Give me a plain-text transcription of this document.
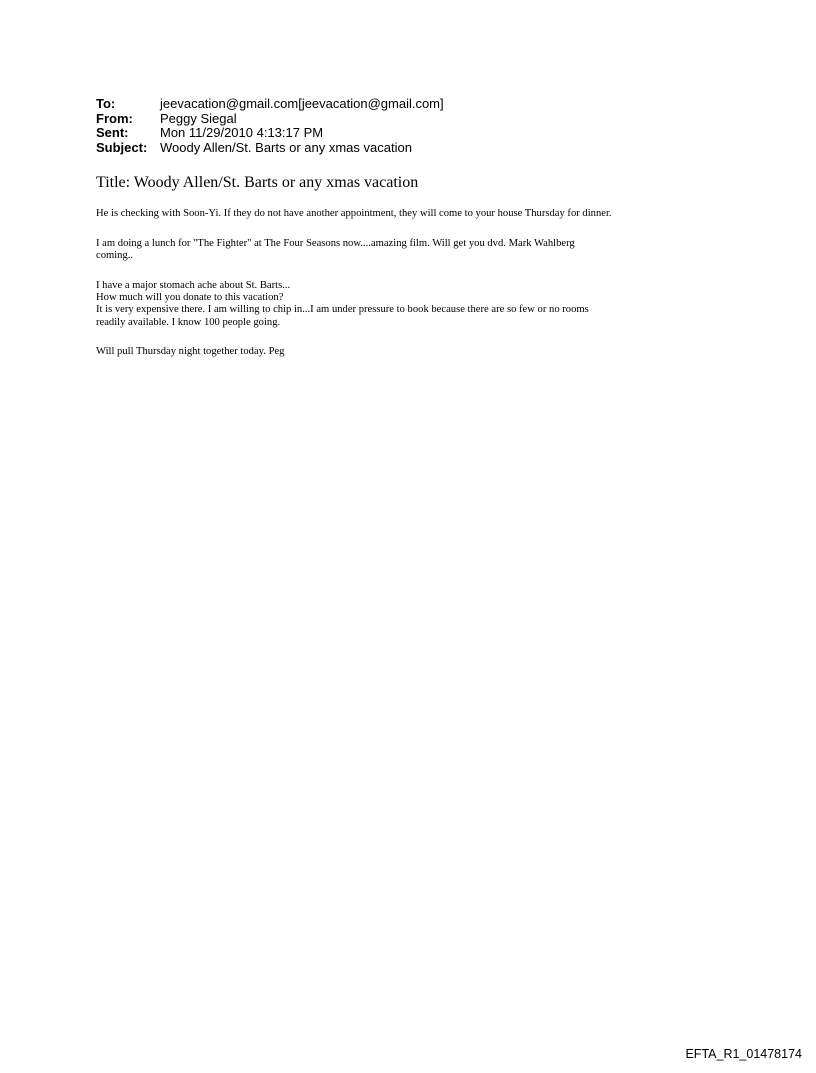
To:	jeevacation@gmail.com[jeevacation@gmail.com]
From:	Peggy Siegal
Sent:	Mon 11/29/2010 4:13:17 PM
Subject: Woody Allen/St. Barts or any xmas vacation
Title: Woody Allen/St. Barts or any xmas vacation
He is checking with Soon-Yi. If they do not have another appointment, they will come to your house Thursday for dinner.
I am doing a lunch for "The Fighter" at The Four Seasons now....amazing film. Will get you dvd. Mark Wahlberg
coming..
I have a major stomach ache about St. Barts...
How much will you donate to this vacation?
It is very expensive there. I am willing to chip in...I am under pressure to book because there are so few or no rooms
readily available. I know 100 people going.
Will pull Thursday night together today. Peg
EFTA_R1_01478174
